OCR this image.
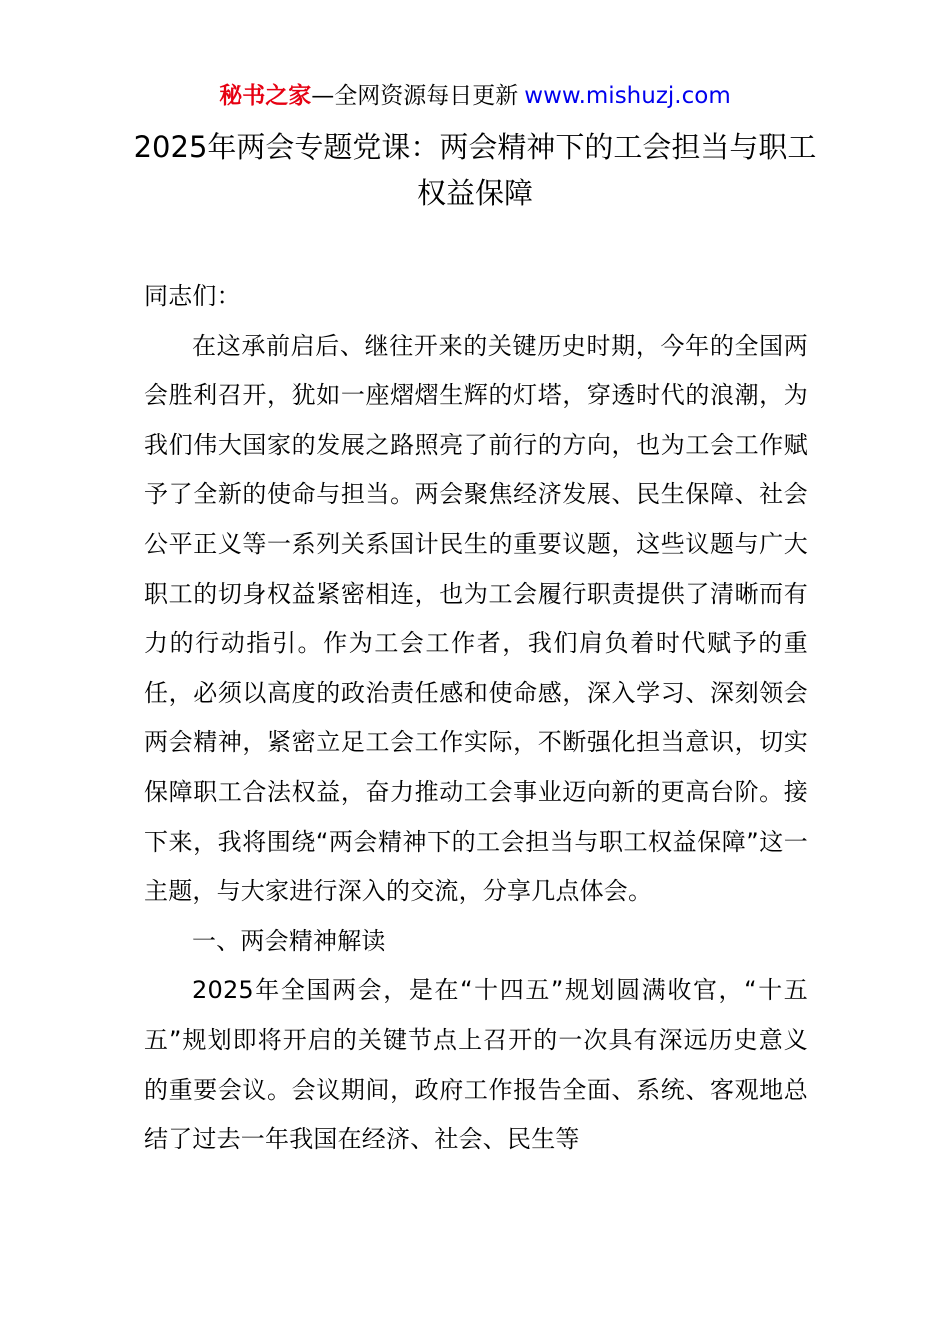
秘书之家—全网资源每日更新 www.mishuzj.com
2025年两会专题党课：两会精神下的工会担当与职工权益保障

同志们：

在这承前启后、继往开来的关键历史时期，今年的全国两会胜利召开，犹如一座熠熠生辉的灯塔，穿透时代的浪潮，为我们伟大国家的发展之路照亮了前行的方向，也为工会工作赋予了全新的使命与担当。两会聚焦经济发展、民生保障、社会公平正义等一系列关系国计民生的重要议题，这些议题与广大职工的切身权益紧密相连，也为工会履行职责提供了清晰而有力的行动指引。作为工会工作者，我们肩负着时代赋予的重任，必须以高度的政治责任感和使命感，深入学习、深刻领会两会精神，紧密立足工会工作实际，不断强化担当意识，切实保障职工合法权益，奋力推动工会事业迈向新的更高台阶。接下来，我将围绕“两会精神下的工会担当与职工权益保障”这一主题，与大家进行深入的交流，分享几点体会。

一、两会精神解读

2025年全国两会，是在“十四五”规划圆满收官，“十五五”规划即将开启的关键节点上召开的一次具有深远历史意义的重要会议。会议期间，政府工作报告全面、系统、客观地总结了过去一年我国在经济、社会、民生等
